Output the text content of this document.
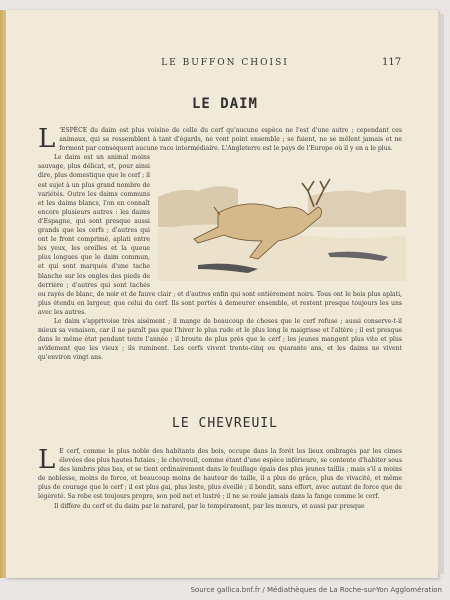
LE BUFFON CHOISI	117
LE DAIM

L 'ESPÈCE du daim est plus voisine de celle du cerf qu'aucune espèce ne l'est d'une autre ; cependant ces animaux, qui se ressemblent à tant d'égards, ne vont point ensemble ; se fuient, ne se mêlent jamais et ne forment par conséquent aucune race intermédiaire. L'Angleterre est le pays de l'Europe où il y en a le plus.

Le daim est un animal moins sauvage, plus délicat, et, pour ainsi dire, plus domestique que le cerf ; il est sujet à un plus grand nombre de variétés. Outre les daims communs et les daims blancs, l'on en connaît encore plusieurs autres : les daims d'Espagne, qui sont presque aussi grands que les cerfs ; d'autres qui ont le front comprimé, aplati entre les yeux, les oreilles et la queue plus longues que le daim commun, et qui sont marqués d'une tache blanche sur les ongles des pieds de derrière ; d'autres qui sont tachés ou rayés de blanc, de noir et de fauve clair ; et d'autres enfin qui sont entièrement noirs. Tous ont le bois plus aplati, plus étendu en largeur, que celui du cerf. Ils sont portés à demeurer ensemble, et restent presque toujours les uns avec les autres.

Le daim s'apprivoise très aisément ; il mange de beaucoup de choses que le cerf refuse ; aussi conserve-t-il mieux sa venaison, car il ne paraît pas que l'hiver le plus rude et le plus long le maigrisse et l'altère ; il est presque dans le même état pendant toute l'année ; il broute de plus près que le cerf ; les jeunes mangent plus vite et plus avidement que les vieux ; ils ruminent. Les cerfs vivent trente-cinq ou quarante ans, et les daims ne vivent qu'environ vingt ans.

LE CHEVREUIL

L E cerf, comme le plus noble des habitants des bois, occupe dans la forêt les lieux ombragés par les cimes élevées des plus hautes futaies ; le chevreuil, comme étant d'une espèce inférieure, se contente d'habiter sous des lambris plus bas, et se tient ordinairement dans le feuillage épais des plus jeunes taillis ; mais s'il a moins de noblesse, moins de force, et beaucoup moins de hauteur de taille, il a plus de grâce, plus de vivacité, et même plus de courage que le cerf ; il est plus gai, plus leste, plus éveillé ; il bondit, sans effort, avec autant de force que de légèreté. Sa robe est toujours propre, son poil net et lustré ; il ne se roule jamais dans la fange comme le cerf.

Il diffère du cerf et du daim par le naturel, par le tempérament, par les mœurs, et aussi par presque

Source gallica.bnf.fr / Médiathèques de La Roche-sur-Yon Agglomération
